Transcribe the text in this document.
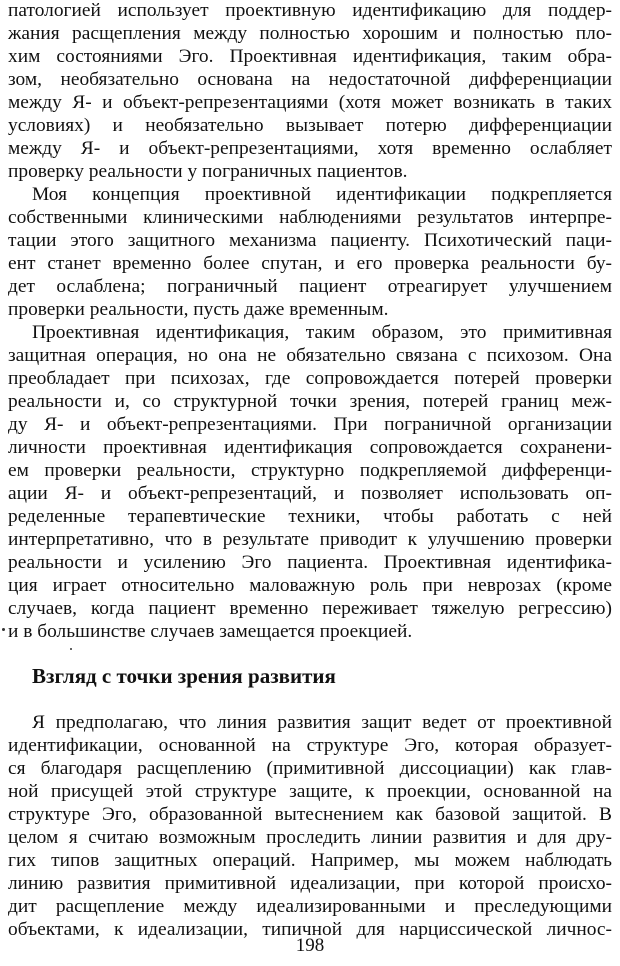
патологией использует проективную идентификацию для поддер-
жания расщепления между полностью хорошим и полностью пло-
хим состояниями Эго. Проективная идентификация, таким обра-
зом, необязательно основана на недостаточной дифференциации
между Я- и объект-репрезентациями (хотя может возникать в таких
условиях) и необязательно вызывает потерю дифференциации
между Я- и объект-репрезентациями, хотя временно ослабляет
проверку реальности у пограничных пациентов.
Моя концепция проективной идентификации подкрепляется
собственными клиническими наблюдениями результатов интерпре-
тации этого защитного механизма пациенту. Психотический паци-
ент станет временно более спутан, и его проверка реальности бу-
дет ослаблена; пограничный пациент отреагирует улучшением
проверки реальности, пусть даже временным.
Проективная идентификация, таким образом, это примитивная
защитная операция, но она не обязательно связана с психозом. Она
преобладает при психозах, где сопровождается потерей проверки
реальности и, со структурной точки зрения, потерей границ меж-
ду Я- и объект-репрезентациями. При пограничной организации
личности проективная идентификация сопровождается сохранени-
ем проверки реальности, структурно подкрепляемой дифференци-
ации Я- и объект-репрезентаций, и позволяет использовать оп-
ределенные терапевтические техники, чтобы работать с ней
интерпретативно, что в результате приводит к улучшению проверки
реальности и усилению Эго пациента. Проективная идентифика-
ция играет относительно маловажную роль при неврозах (кроме
случаев, когда пациент временно переживает тяжелую регрессию)
и в большинстве случаев замещается проекцией.
Взгляд с точки зрения развития
Я предполагаю, что линия развития защит ведет от проективной
идентификации, основанной на структуре Эго, которая образует-
ся благодаря расщеплению (примитивной диссоциации) как глав-
ной присущей этой структуре защите, к проекции, основанной на
структуре Эго, образованной вытеснением как базовой защитой. В
целом я считаю возможным проследить линии развития и для дру-
гих типов защитных операций. Например, мы можем наблюдать
линию развития примитивной идеализации, при которой происхо-
дит расщепление между идеализированными и преследующими
объектами, к идеализации, типичной для нарциссической личнос-
198
